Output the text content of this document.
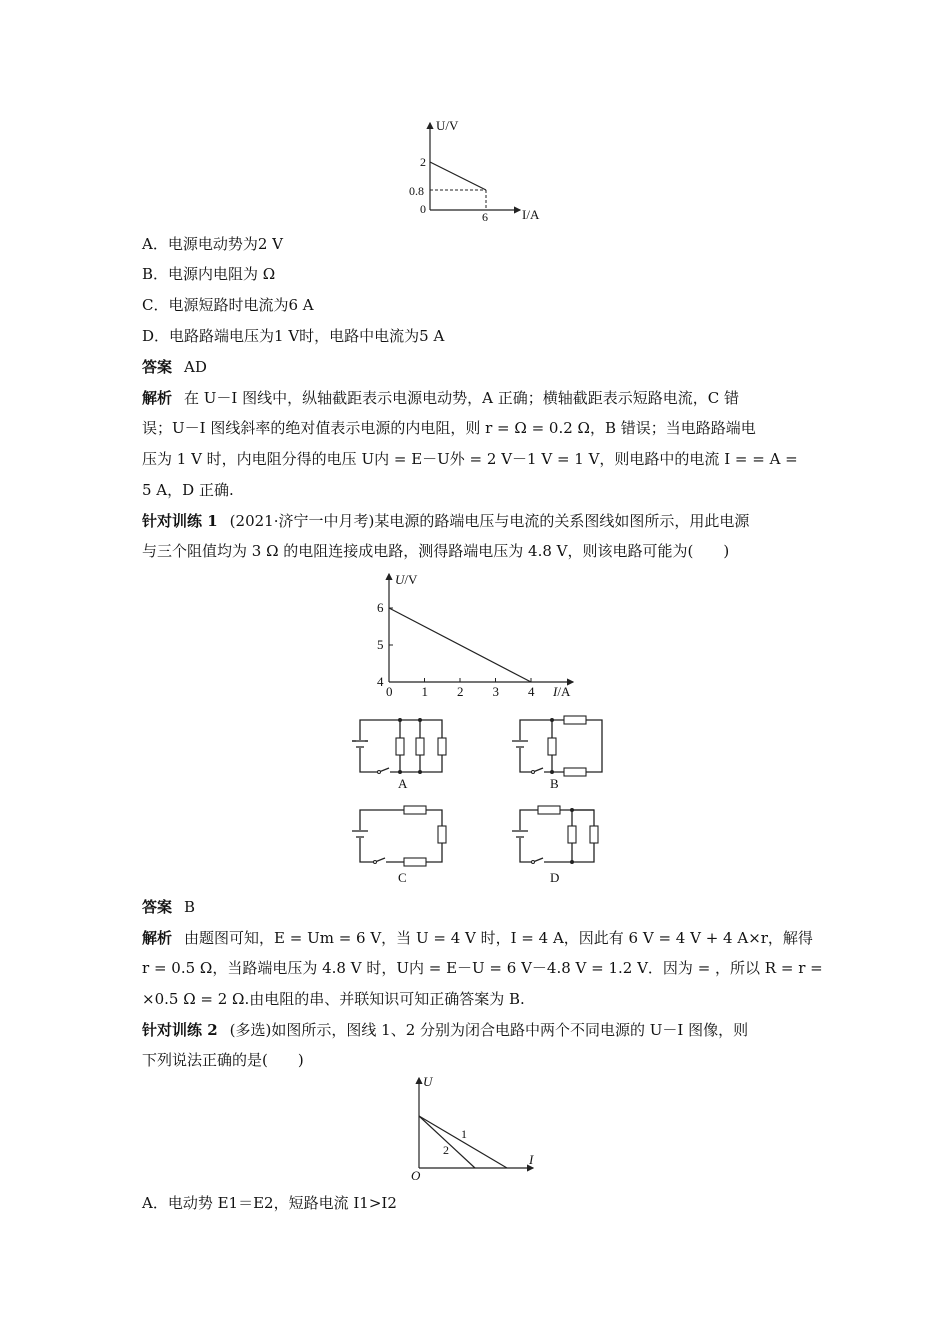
U/V
I/A
2
0.8
0
6
A．电源电动势为2 V
B．电源内电阻为 Ω
C．电源短路时电流为6 A
D．电路路端电压为1 V时，电路中电流为5 A
答案 AD
解析 在 U－I 图线中，纵轴截距表示电源电动势，A 正确；横轴截距表示短路电流，C 错
误；U－I 图线斜率的绝对值表示电源的内电阻，则 r = Ω = 0.2 Ω，B 错误；当电路路端电
压为 1 V 时，内电阻分得的电压 U内 = E－U外 = 2 V－1 V = 1 V，则电路中的电流 I = = A =
5 A，D 正确.
针对训练 1 (2021·济宁一中月考)某电源的路端电压与电流的关系图线如图所示，用此电源
与三个阻值均为 3 Ω 的电阻连接成电路，测得路端电压为 4.8 V，则该电路可能为(　　)
0 1 2 3 4
4
5
6
U/V
I/A
A	B
C	D
答案 B
解析 由题图可知，E = Um = 6 V，当 U = 4 V 时，I = 4 A，因此有 6 V = 4 V + 4 A×r，解得
r = 0.5 Ω，当路端电压为 4.8 V 时，U内 = E－U = 6 V－4.8 V = 1.2 V．因为 = ，所以 R = r =
×0.5 Ω = 2 Ω.由电阻的串、并联知识可知正确答案为 B.
针对训练 2 (多选)如图所示，图线 1、2 分别为闭合电路中两个不同电源的 U－I 图像，则
下列说法正确的是(　　)
U
I
O
1
2
A．电动势 E1＝E2，短路电流 I1>I2
